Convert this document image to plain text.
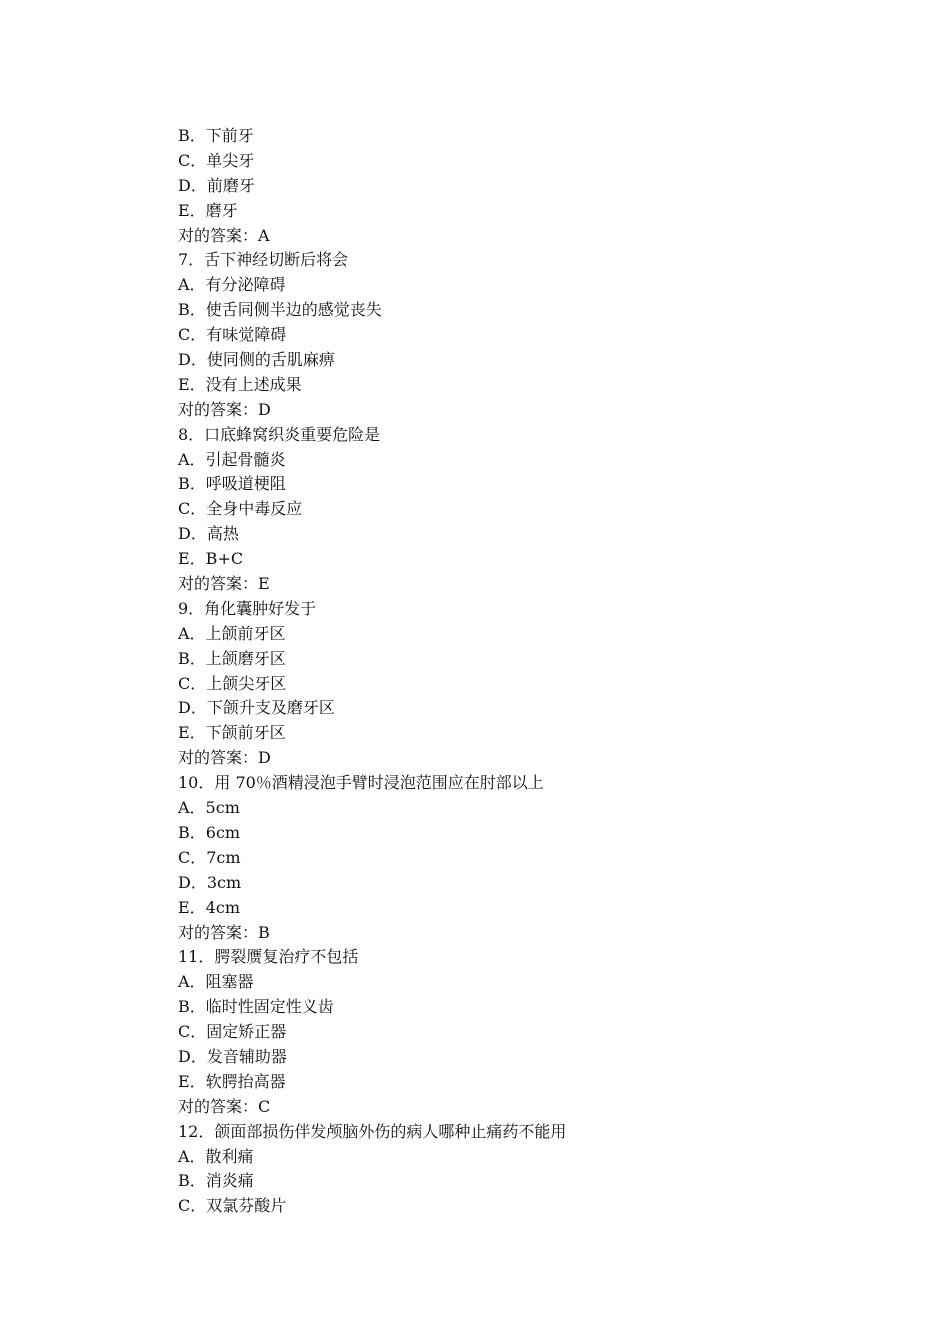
B．下前牙
C．单尖牙
D．前磨牙
E．磨牙
对的答案：A
7．舌下神经切断后将会
A．有分泌障碍
B．使舌同侧半边的感觉丧失
C．有味觉障碍
D．使同侧的舌肌麻痹
E．没有上述成果
对的答案：D
8．口底蜂窝织炎重要危险是
A．引起骨髓炎
B．呼吸道梗阻
C．全身中毒反应
D．高热
E．B+C
对的答案：E
9．角化囊肿好发于
A．上颌前牙区
B．上颌磨牙区
C．上颌尖牙区
D．下颌升支及磨牙区
E．下颌前牙区
对的答案：D
10．用 70％酒精浸泡手臂时浸泡范围应在肘部以上
A．5cm
B．6cm
C．7cm
D．3cm
E．4cm
对的答案：B
11．腭裂赝复治疗不包括
A．阻塞器
B．临时性固定性义齿
C．固定矫正器
D．发音辅助器
E．软腭抬高器
对的答案：C
12．颌面部损伤伴发颅脑外伤的病人哪种止痛药不能用
A．散利痛
B．消炎痛
C．双氯芬酸片
